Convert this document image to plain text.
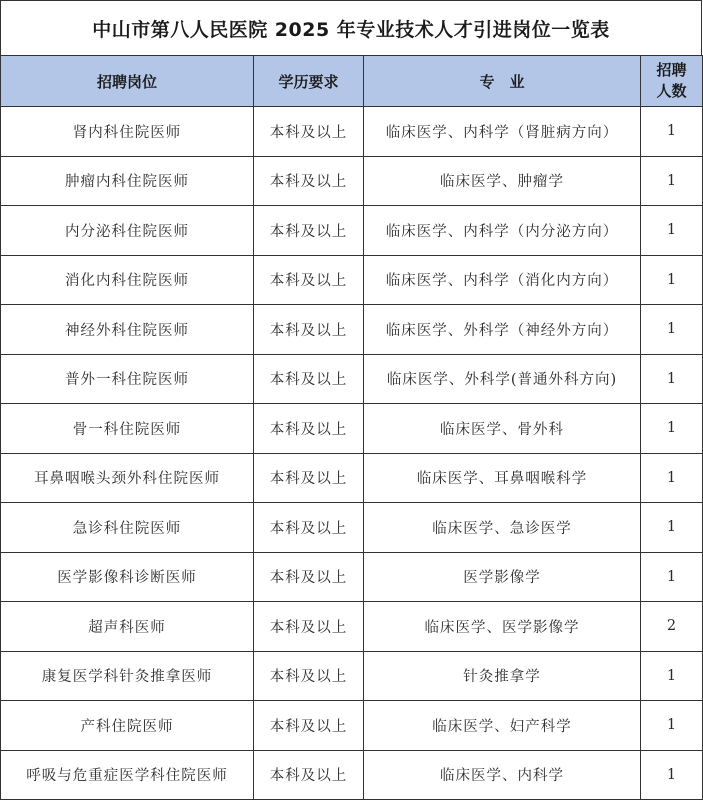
中山市第八人民医院 2025 年专业技术人才引进岗位一览表
招聘岗位	学历要求	专　业	招聘
人数
肾内科住院医师	本科及以上	临床医学、内科学（肾脏病方向）	1
肿瘤内科住院医师	本科及以上	临床医学、肿瘤学	1
内分泌科住院医师	本科及以上	临床医学、内科学（内分泌方向）	1
消化内科住院医师	本科及以上	临床医学、内科学（消化内方向）	1
神经外科住院医师	本科及以上	临床医学、外科学（神经外方向）	1
普外一科住院医师	本科及以上	临床医学、外科学(普通外科方向)	1
骨一科住院医师	本科及以上	临床医学、骨外科	1
耳鼻咽喉头颈外科住院医师	本科及以上	临床医学、耳鼻咽喉科学	1
急诊科住院医师	本科及以上	临床医学、急诊医学	1
医学影像科诊断医师	本科及以上	医学影像学	1
超声科医师	本科及以上	临床医学、医学影像学	2
康复医学科针灸推拿医师	本科及以上	针灸推拿学	1
产科住院医师	本科及以上	临床医学、妇产科学	1
呼吸与危重症医学科住院医师	本科及以上	临床医学、内科学	1
